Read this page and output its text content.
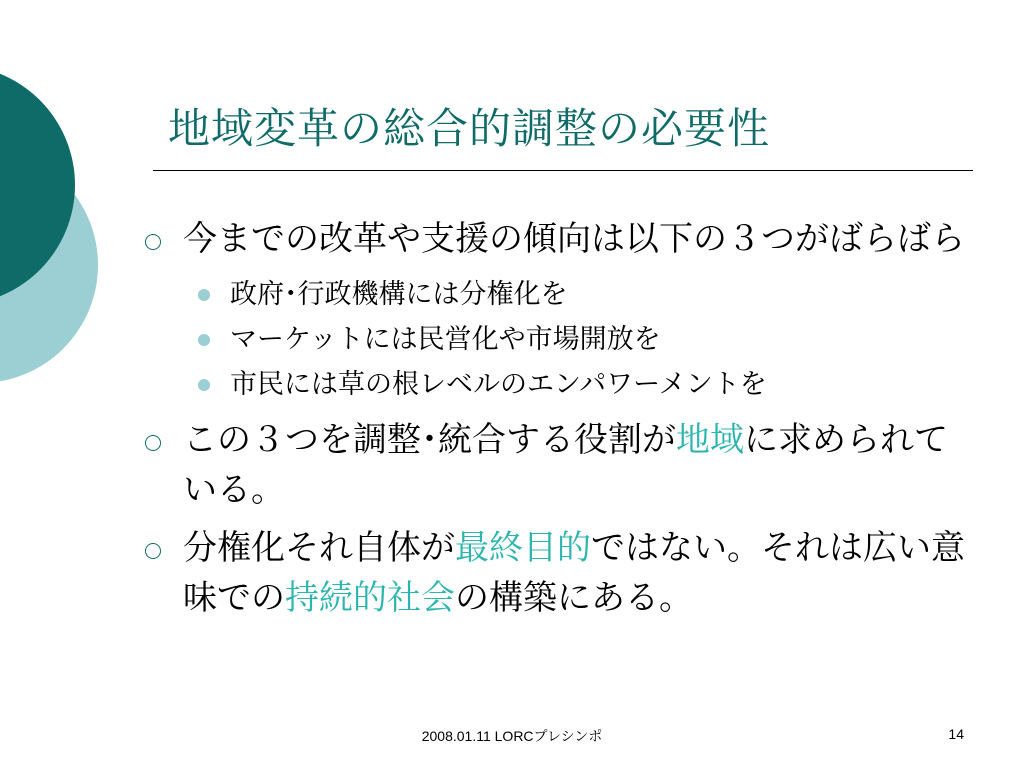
地域変革の総合的調整の必要性
今までの改革や支援の傾向は以下の３つがばらばら
政府･行政機構には分権化を
マーケットには民営化や市場開放を
市民には草の根レベルのエンパワーメントを
この３つを調整･統合する役割が地域に求められている。
分権化それ自体が最終目的ではない。それは広い意味での持続的社会の構築にある。
2008.01.11 LORCプレシンポ	14
